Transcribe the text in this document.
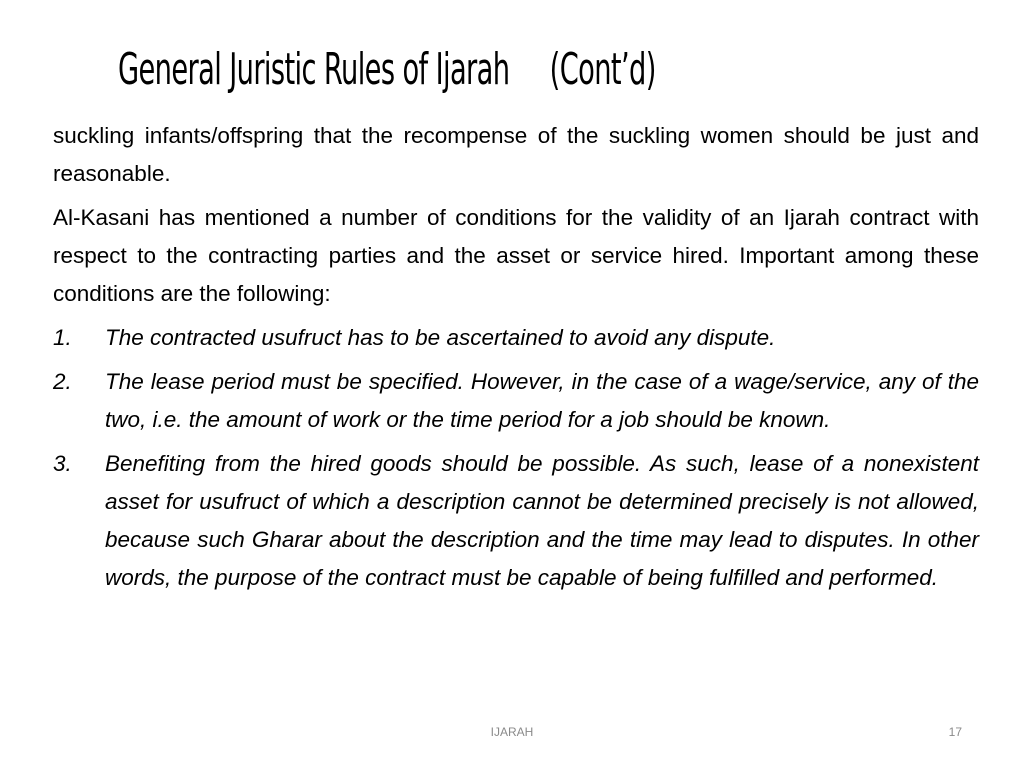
General Juristic Rules of Ijarah     (Cont’d)

suckling infants/offspring that the recompense of the suckling women should be just and reasonable.

Al-Kasani has mentioned a number of conditions for the validity of an Ijarah contract with respect to the contracting parties and the asset or service hired. Important among these conditions are the following:

1.	The contracted usufruct has to be ascertained to avoid any dispute.
2.	The lease period must be specified. However, in the case of a wage/service, any of the two, i.e. the amount of work or the time period for a job should be known.
3.	Benefiting from the hired goods should be possible. As such, lease of a nonexistent asset for usufruct of which a description cannot be determined precisely is not allowed, because such Gharar about the description and the time may lead to disputes. In other words, the purpose of the contract must be capable of being fulfilled and performed.
IJARAH	17
